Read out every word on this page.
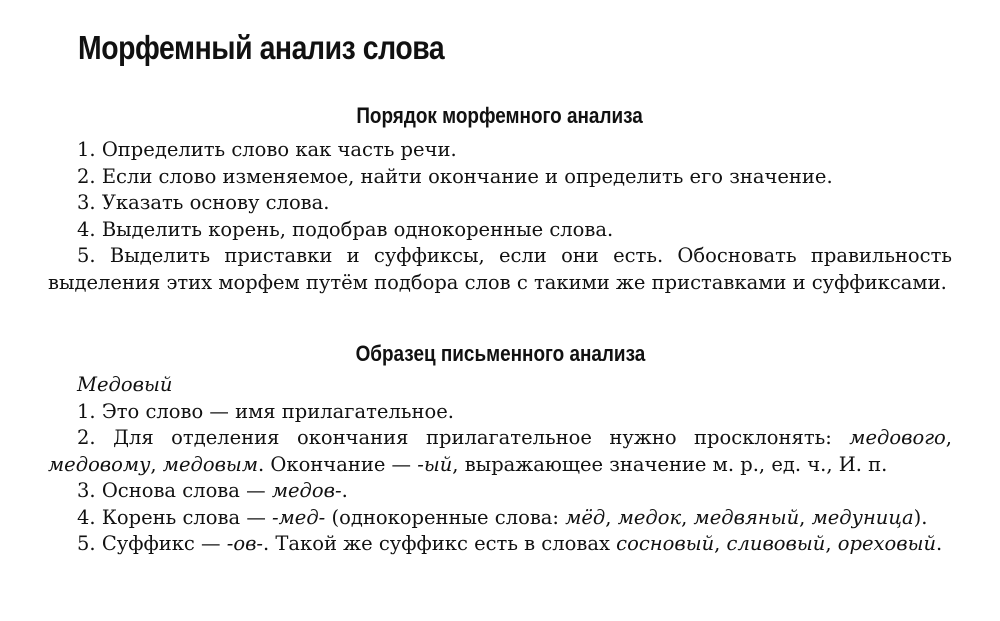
Морфемный анализ слова
Порядок морфемного анализа

1. Определить слово как часть речи.

2. Если слово изменяемое, найти окончание и определить его значение.

3. Указать основу слова.

4. Выделить корень, подобрав однокоренные слова.

5. Выделить приставки и суффиксы, если они есть. Обосновать правильность выделения этих морфем путём подбора слов с такими же приставками и суффиксами.

Образец письменного анализа

Медовый

1. Это слово — имя прилагательное.

2. Для отделения окончания прилагательное нужно просклонять: медового, медовому, медовым. Окончание — -ый, выражающее значение м. р., ед. ч., И. п.

3. Основа слова — медов-.

4. Корень слова — -мед- (однокоренные слова: мёд, медок, медвяный, медуница).

5. Суффикс — -ов-. Такой же суффикс есть в словах сосновый, сливовый, ореховый.
